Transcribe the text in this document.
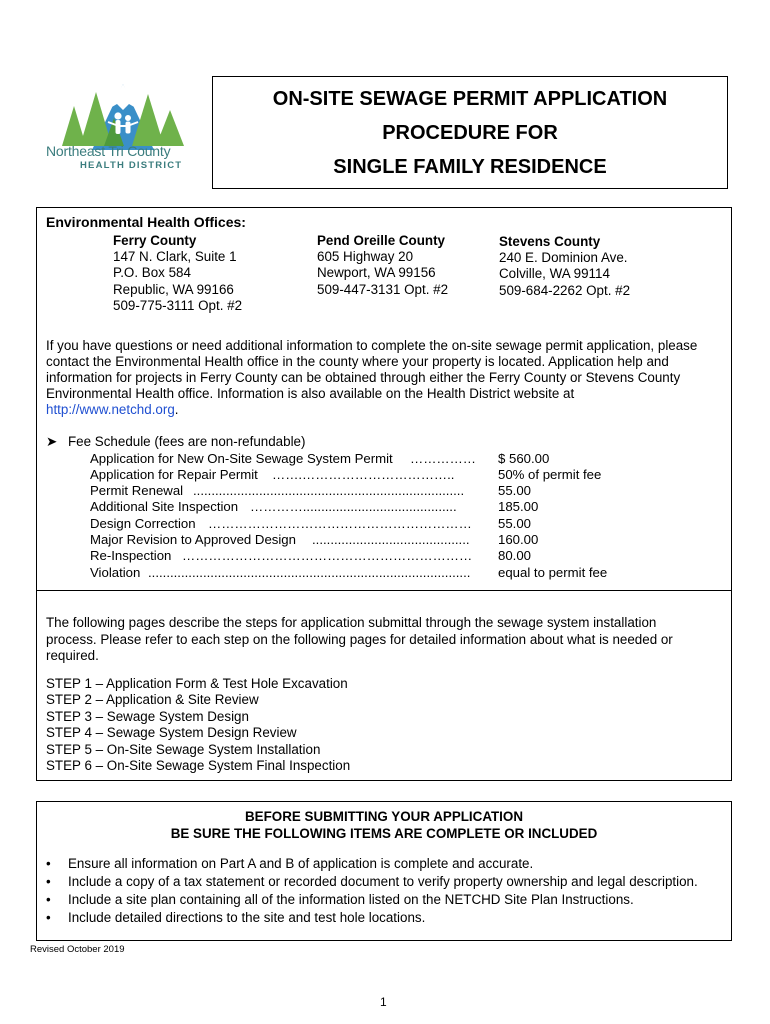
Northeast Tri County
HEALTH DISTRICT
ON-SITE SEWAGE PERMIT APPLICATION
PROCEDURE FOR
SINGLE FAMILY RESIDENCE
Environmental Health Offices:
Ferry County
147 N. Clark, Suite 1
P.O. Box 584
Republic, WA 99166
509-775-3111 Opt. #2
Pend Oreille County
605 Highway 20
Newport, WA 99156
509-447-3131 Opt. #2
Stevens County
240 E. Dominion Ave.
Colville, WA 99114
509-684-2262 Opt. #2
If you have questions or need additional information to complete the on-site sewage permit application, please
contact the Environmental Health office in the county where your property is located. Application help and
information for projects in Ferry County can be obtained through either the Ferry County or Stevens County
Environmental Health office. Information is also available on the Health District website at
http://www.netchd.org.
➤ Fee Schedule (fees are non-refundable)
Application for New On-Site Sewage System Permit ……………	$ 560.00
Application for Repair Permit …….……………………………..	50% of permit fee
Permit Renewal ..........................................................................	55.00
Additional Site Inspection …………..........................................	185.00
Design Correction ……………………………………………………	55.00
Major Revision to Approved Design ...........................................	160.00
Re-Inspection …………………………………………………………	80.00
Violation ........................................................................................	equal to permit fee
The following pages describe the steps for application submittal through the sewage system installation
process. Please refer to each step on the following pages for detailed information about what is needed or
required.
STEP 1 – Application Form & Test Hole Excavation
STEP 2 – Application & Site Review
STEP 3 – Sewage System Design
STEP 4 – Sewage System Design Review
STEP 5 – On-Site Sewage System Installation
STEP 6 – On-Site Sewage System Final Inspection
BEFORE SUBMITTING YOUR APPLICATION
BE SURE THE FOLLOWING ITEMS ARE COMPLETE OR INCLUDED
• Ensure all information on Part A and B of application is complete and accurate.
• Include a copy of a tax statement or recorded document to verify property ownership and legal description.
• Include a site plan containing all of the information listed on the NETCHD Site Plan Instructions.
• Include detailed directions to the site and test hole locations.
Revised October 2019
1
